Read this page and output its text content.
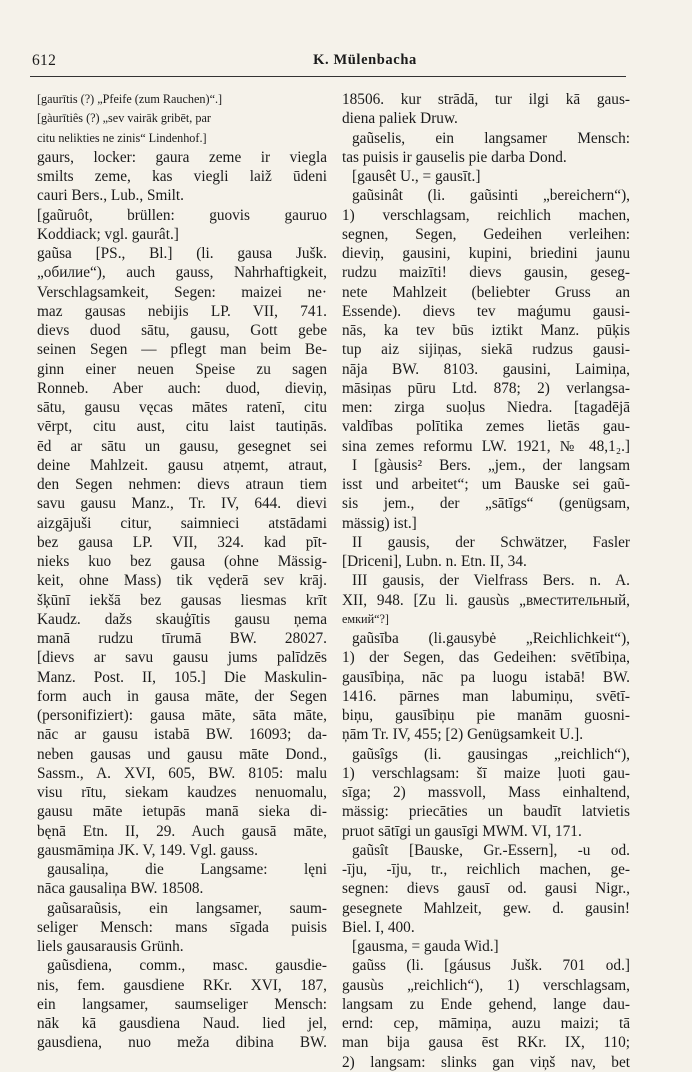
612	K. Mülenbacha
[gaurītis (?) „Pfeife (zum Rauchen)“.]
[gàurītiês (?) „sev vairāk gribēt, par
citu nelikties ne zinis“ Lindenhof.]
gaurs, locker: gaura zeme ir viegla
smilts zeme, kas viegli laiž ūdeni
cauri Bers., Lub., Smilt.
[gaũruôt, brüllen: guovis gauruo
Koddiack; vgl. gaurât.]
gaũsa [PS., Bl.] (li. gausa Jušk.
„обилие“), auch gauss, Nahrhaftigkeit,
Verschlagsamkeit, Segen: maizei ne·
maz gausas nebijis LP. VII, 741.
dievs duod sātu, gausu, Gott gebe
seinen Segen — pflegt man beim Be-
ginn einer neuen Speise zu sagen
Ronneb. Aber auch: duod, dieviņ,
sātu, gausu vęcas mātes ratenī, citu
vērpt, citu aust, citu laist tautiņās.
ēd ar sātu un gausu, gesegnet sei
deine Mahlzeit. gausu atņemt, atraut,
den Segen nehmen: dievs atraun tiem
savu gausu Manz., Tr. IV, 644. dievi
aizgājuši citur, saimnieci atstādami
bez gausa LP. VII, 324. kad pīt-
nieks kuo bez gausa (ohne Mässig-
keit, ohne Mass) tik vęderā sev krāj.
šķūnī iekšā bez gausas liesmas krīt
Kaudz. dažs skauģītis gausu ņema
manā rudzu tīrumā BW. 28027.
[dievs ar savu gausu jums palīdzēs
Manz. Post. II, 105.] Die Maskulin-
form auch in gausa māte, der Segen
(personifiziert): gausa māte, sāta māte,
nāc ar gausu istabā BW. 16093; da-
neben gausas und gausu māte Dond.,
Sassm., A. XVI, 605, BW. 8105: malu
visu rītu, siekam kaudzes nenuomalu,
gausu māte ietupās manā sieka di-
bęnā Etn. II, 29. Auch gausā māte,
gausmāmiņa JK. V, 149. Vgl. gauss.
gausaliņa, die Langsame: lęni
nāca gausaliņa BW. 18508.
gaũsaraũsis, ein langsamer, saum-
seliger Mensch: mans sīgada puisis
liels gausarausis Grünh.
gaũsdiena, comm., masc. gausdie-
nis, fem. gausdiene RKr. XVI, 187,
ein langsamer, saumseliger Mensch:
nāk kā gausdiena Naud. lied jel,
gausdiena, nuo meža dibina BW.
18506. kur strādā, tur ilgi kā gaus-
diena paliek Druw.
gaũselis, ein langsamer Mensch:
tas puisis ir gauselis pie darba Dond.
[gausêt U., = gausīt.]
gaũsinât (li. gaũsinti „bereichern“),
1) verschlagsam, reichlich machen,
segnen, Segen, Gedeihen verleihen:
dieviņ, gausini, kupini, briedini jaunu
rudzu maizīti! dievs gausin, geseg-
nete Mahlzeit (beliebter Gruss an
Essende). dievs tev maǵumu gausi-
nās, ka tev būs iztikt Manz. pūķis
tup aiz sijiņas, siekā rudzus gausi-
nāja BW. 8103. gausini, Laimiņa,
māsiņas pūru Ltd. 878; 2) verlangsa-
men: zirga suoļus Niedra. [tagadējā
valdības polītika zemes lietās gau-
sina zemes reformu LW. 1921, № 48,1₂.]
I [gàusis² Bers. „jem., der langsam
isst und arbeitet“; um Bauske sei gaũ-
sis jem., der „sātīgs“ (genügsam,
mässig) ist.]
II gausis, der Schwätzer, Fasler
[Driceni], Lubn. n. Etn. II, 34.
III gausis, der Vielfrass Bers. n. A.
XII, 948. [Zu li. gausùs „вместительный,
емкий“?]
gaũsība (li.gausybė „Reichlichkeit“),
1) der Segen, das Gedeihen: svētībiņa,
gausībiņa, nāc pa luogu istabā! BW.
1416. pārnes man labumiņu, svētī-
biņu, gausībiņu pie manām guosni-
ņām Tr. IV, 455; [2) Genügsamkeit U.].
gaũsîgs (li. gausingas „reichlich“),
1) verschlagsam: šī maize ļuoti gau-
sīga; 2) massvoll, Mass einhaltend,
mässig: priecāties un baudīt latvietis
pruot sātīgi un gausīgi MWM. VI, 171.
gaũsît [Bauske, Gr.-Essern], -u od.
-īju, -īju, tr., reichlich machen, ge-
segnen: dievs gausī od. gausi Nigr.,
gesegnete Mahlzeit, gew. d. gausin!
Biel. I, 400.
[gausma, = gauda Wid.]
gaũss (li. [gáusus Jušk. 701 od.]
gausùs „reichlich“), 1) verschlagsam,
langsam zu Ende gehend, lange dau-
ernd: cep, māmiņa, auzu maizi; tā
man bija gausa ēst RKr. IX, 110;
2) langsam: slinks gan viņš nav, bet
